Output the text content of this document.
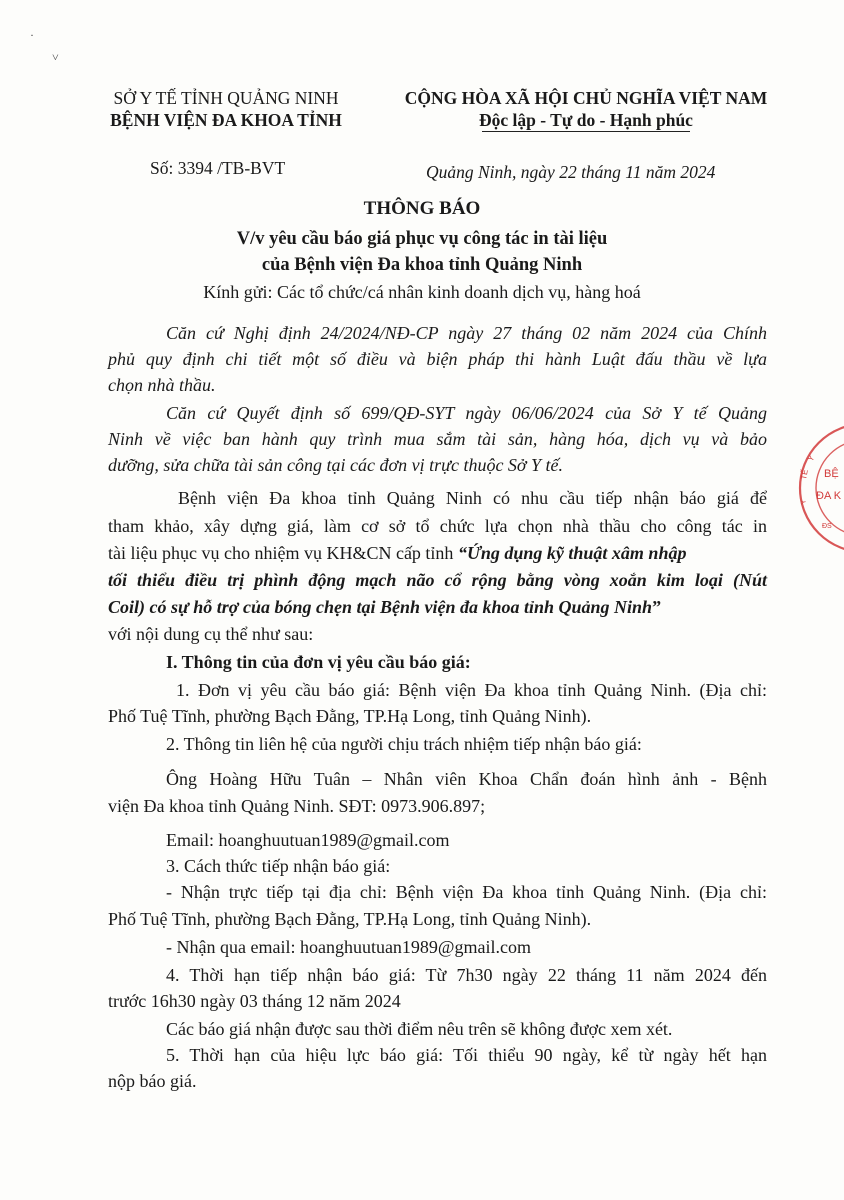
·
˅
SỞ Y TẾ TỈNH QUẢNG NINH
BỆNH VIỆN ĐA KHOA TỈNH
CỘNG HÒA XÃ HỘI CHỦ NGHĨA VIỆT NAM
Độc lập - Tự do - Hạnh phúc
Số: 3394 /TB-BVT	Quảng Ninh, ngày 22 tháng 11 năm 2024
THÔNG BÁO
V/v yêu cầu báo giá phục vụ công tác in tài liệu
của Bệnh viện Đa khoa tỉnh Quảng Ninh
Kính gửi: Các tổ chức/cá nhân kinh doanh dịch vụ, hàng hoá
Căn cứ Nghị định 24/2024/NĐ-CP ngày 27 tháng 02 năm 2024 của Chính
phủ quy định chi tiết một số điều và biện pháp thi hành Luật đấu thầu về lựa
chọn nhà thầu.
Căn cứ Quyết định số 699/QĐ-SYT ngày 06/06/2024 của Sở Y tế Quảng
Ninh về việc ban hành quy trình mua sắm tài sản, hàng hóa, dịch vụ và bảo
dưỡng, sửa chữa tài sản công tại các đơn vị trực thuộc Sở Y tế.
Bệnh viện Đa khoa tỉnh Quảng Ninh có nhu cầu tiếp nhận báo giá để
tham khảo, xây dựng giá, làm cơ sở tổ chức lựa chọn nhà thầu cho công tác in
tài liệu phục vụ cho nhiệm vụ KH&CN cấp tỉnh “Ứng dụng kỹ thuật xâm nhập
tối thiểu điều trị phình động mạch não cổ rộng bằng vòng xoắn kim loại (Nút
Coil) có sự hỗ trợ của bóng chẹn tại Bệnh viện đa khoa tỉnh Quảng Ninh”
với nội dung cụ thể như sau:
I. Thông tin của đơn vị yêu cầu báo giá:
1. Đơn vị yêu cầu báo giá: Bệnh viện Đa khoa tỉnh Quảng Ninh. (Địa chỉ:
Phố Tuệ Tĩnh, phường Bạch Đằng, TP.Hạ Long, tỉnh Quảng Ninh).
2. Thông tin liên hệ của người chịu trách nhiệm tiếp nhận báo giá:
Ông Hoàng Hữu Tuân – Nhân viên Khoa Chẩn đoán hình ảnh - Bệnh
viện Đa khoa tỉnh Quảng Ninh. SĐT: 0973.906.897;
Email: hoanghuutuan1989@gmail.com
3. Cách thức tiếp nhận báo giá:
- Nhận trực tiếp tại địa chỉ: Bệnh viện Đa khoa tỉnh Quảng Ninh. (Địa chỉ:
Phố Tuệ Tĩnh, phường Bạch Đằng, TP.Hạ Long, tỉnh Quảng Ninh).
- Nhận qua email: hoanghuutuan1989@gmail.com
4. Thời hạn tiếp nhận báo giá: Từ 7h30 ngày 22 tháng 11 năm 2024 đến
trước 16h30 ngày 03 tháng 12 năm 2024
Các báo giá nhận được sau thời điểm nêu trên sẽ không được xem xét.
5. Thời hạn của hiệu lực báo giá: Tối thiểu 90 ngày, kể từ ngày hết hạn
nộp báo giá.
Y
TẾ
Y
ĐS
BỆ
ĐA K
